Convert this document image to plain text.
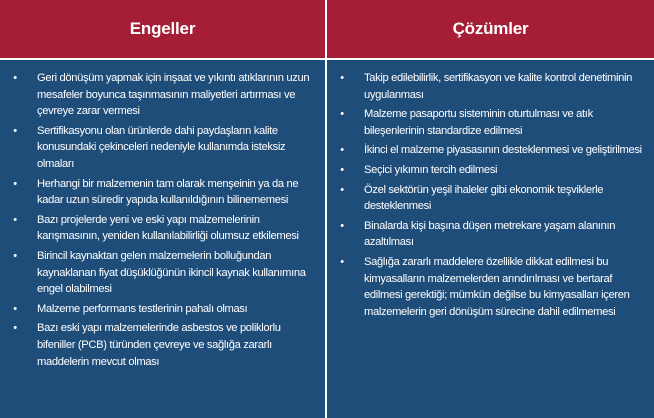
Engeller	Çözümler
• Geri dönüşüm yapmak için inşaat ve yıkıntı atıklarının uzun mesafeler boyunca taşınmasının maliyetleri artırması ve çevreye zarar vermesi
• Sertifikasyonu olan ürünlerde dahi paydaşların kalite konusundaki çekinceleri nedeniyle kullanımda isteksiz olmaları
• Herhangi bir malzemenin tam olarak menşeinin ya da ne kadar uzun süredir yapıda kullanıldığının bilinememesi
• Bazı projelerde yeni ve eski yapı malzemelerinin karışmasının, yeniden kullanılabilirliği olumsuz etkilemesi
• Birincil kaynaktan gelen malzemelerin bolluğundan kaynaklanan fiyat düşüklüğünün ikincil kaynak kullanımına engel olabilmesi
• Malzeme performans testlerinin pahalı olması
• Bazı eski yapı malzemelerinde asbestos ve poliklorlu bifeniller (PCB) türünden çevreye ve sağlığa zararlı maddelerin mevcut olması
• Takip edilebilirlik, sertifikasyon ve kalite kontrol denetiminin uygulanması
• Malzeme pasaportu sisteminin oturtulması ve atık bileşenlerinin standardize edilmesi
• İkinci el malzeme piyasasının desteklenmesi ve geliştirilmesi
• Seçici yıkımın tercih edilmesi
• Özel sektörün yeşil ihaleler gibi ekonomik teşviklerle desteklenmesi
• Binalarda kişi başına düşen metrekare yaşam alanının azaltılması
• Sağlığa zararlı maddelere özellikle dikkat edilmesi bu kimyasalların malzemelerden arındırılması ve bertaraf edilmesi gerektiği; mümkün değilse bu kimyasalları içeren malzemelerin geri dönüşüm sürecine dahil edilmemesi
